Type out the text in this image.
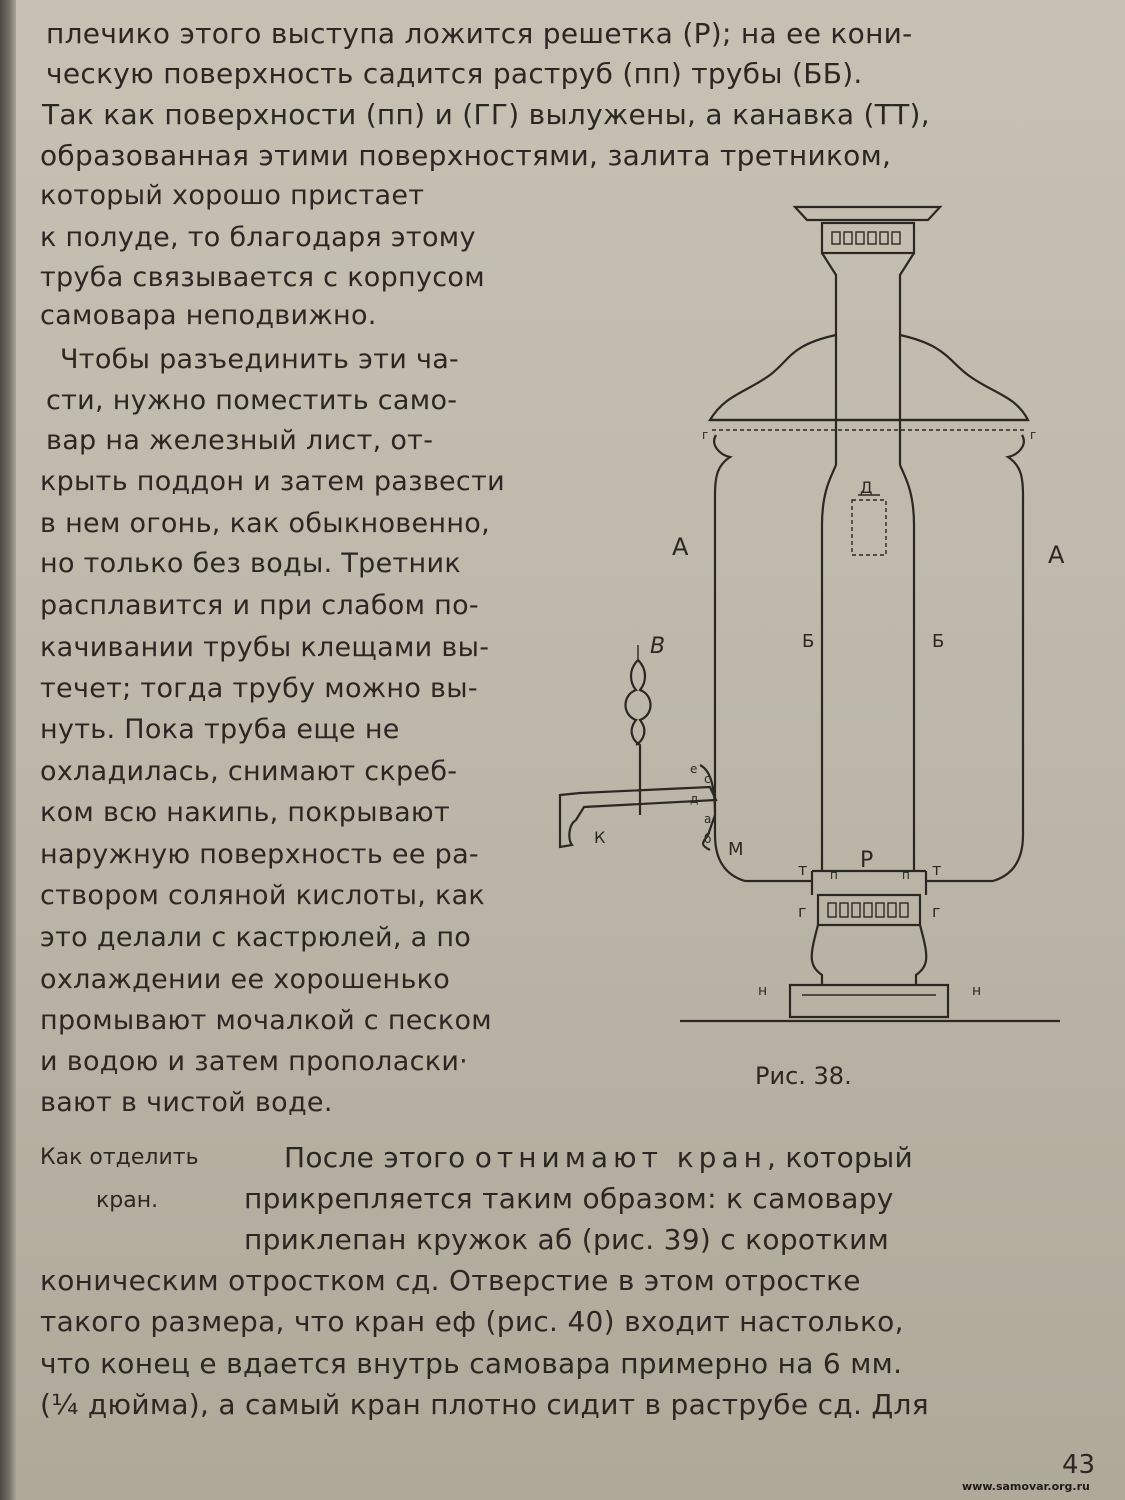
плечико этого выступа ложится решетка (Р); на ее кони-
ческую поверхность садится раструб (пп) трубы (ББ).
Так как поверхности (пп) и (ГГ) вылужены, а канавка (ТТ),
образованная этими поверхностями, залита третником,
который хорошо пристает
к полуде, то благодаря этому
труба связывается с корпусом
самовара неподвижно.
Чтобы разъединить эти ча-
сти, нужно поместить само-
вар на железный лист, от-
крыть поддон и затем развести
в нем огонь, как обыкновенно,
но только без воды. Третник
расплавится и при слабом по-
качивании трубы клещами вы-
течет; тогда трубу можно вы-
нуть. Пока труба еще не
охладилась, снимают скреб-
ком всю накипь, покрывают
наружную поверхность ее ра-
створом соляной кислоты, как
это делали с кастрюлей, а по
охлаждении ее хорошенько
промывают мочалкой с песком
и водою и затем прополаски·
вают в чистой воде.
Как отделить
кран.
После этого отнимают кран, который
прикрепляется таким образом: к самовару
приклепан кружок аб (рис. 39) с коротким
коническим отростком сд. Отверстие в этом отростке
такого размера, что кран еф (рис. 40) входит настолько,
что конец е вдается внутрь самовара примерно на 6 мм.
(¼ дюйма), а самый кран плотно сидит в раструбе сд. Для
А	А
Б	Б
Д
В
К
М	Р
т	т
п	п
г	г
г	г
н	н
е
с
а
б
д
Рис. 38.
43
www.samovar.org.ru
